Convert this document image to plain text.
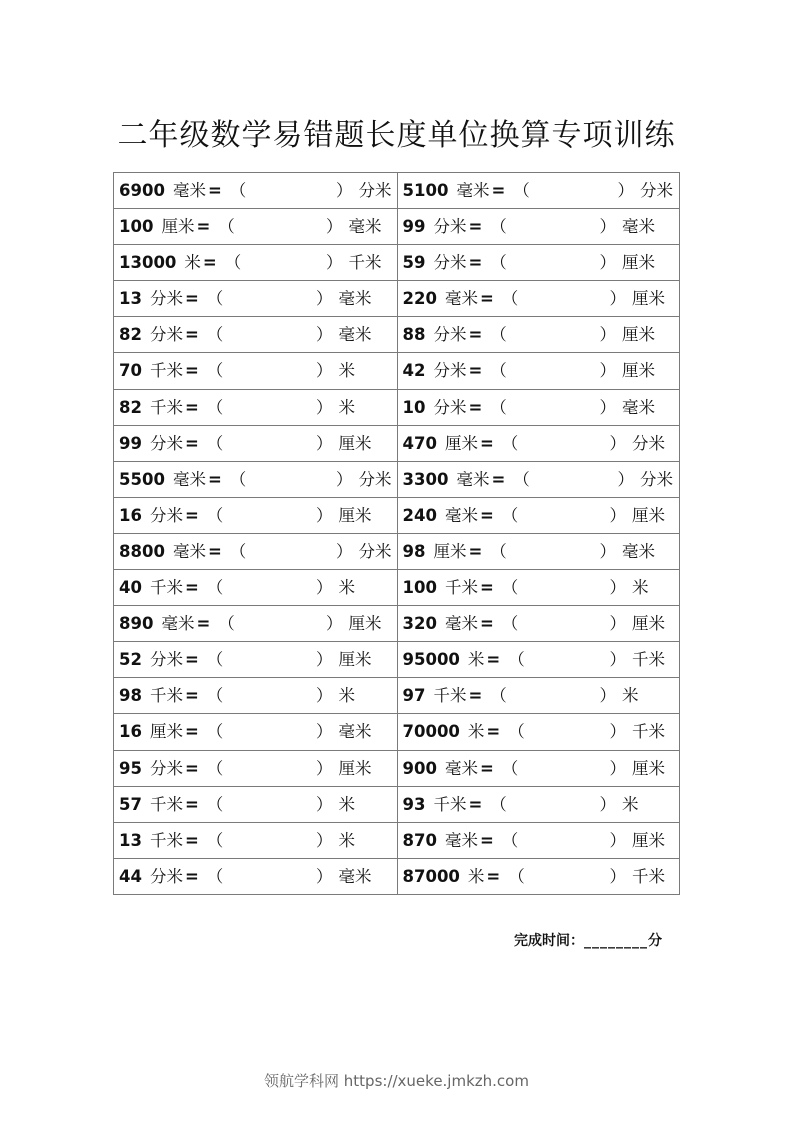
二年级数学易错题长度单位换算专项训练
6900 毫米 = （	） 分米 5100 毫米 = （	） 分米
100 厘米 = （	） 毫米 99 分米 = （	） 毫米
13000 米 = （	） 千米 59 分米 = （	） 厘米
13 分米 = （	） 毫米 220 毫米 = （	） 厘米
82 分米 = （	） 毫米 88 分米 = （	） 厘米
70 千米 = （	） 米	42 分米 = （	） 厘米
82 千米 = （	） 米	10 分米 = （	） 毫米
99 分米 = （	） 厘米 470 厘米 = （	） 分米
5500 毫米 = （	） 分米 3300 毫米 = （	） 分米
16 分米 = （	） 厘米 240 毫米 = （	） 厘米
8800 毫米 = （	） 分米 98 厘米 = （	） 毫米
40 千米 = （	） 米	100 千米 = （	） 米
890 毫米 = （	） 厘米 320 毫米 = （	） 厘米
52 分米 = （	） 厘米 95000 米 = （	） 千米
98 千米 = （	） 米	97 千米 = （	） 米
16 厘米 = （	） 毫米 70000 米 = （	） 千米
95 分米 = （	） 厘米 900 毫米 = （	） 厘米
57 千米 = （	） 米	93 千米 = （	） 米
13 千米 = （	） 米	870 毫米 = （	） 厘米
44 分米 = （	） 毫米 87000 米 = （	） 千米
完成时间：________分
领航学科网 https://xueke.jmkzh.com
